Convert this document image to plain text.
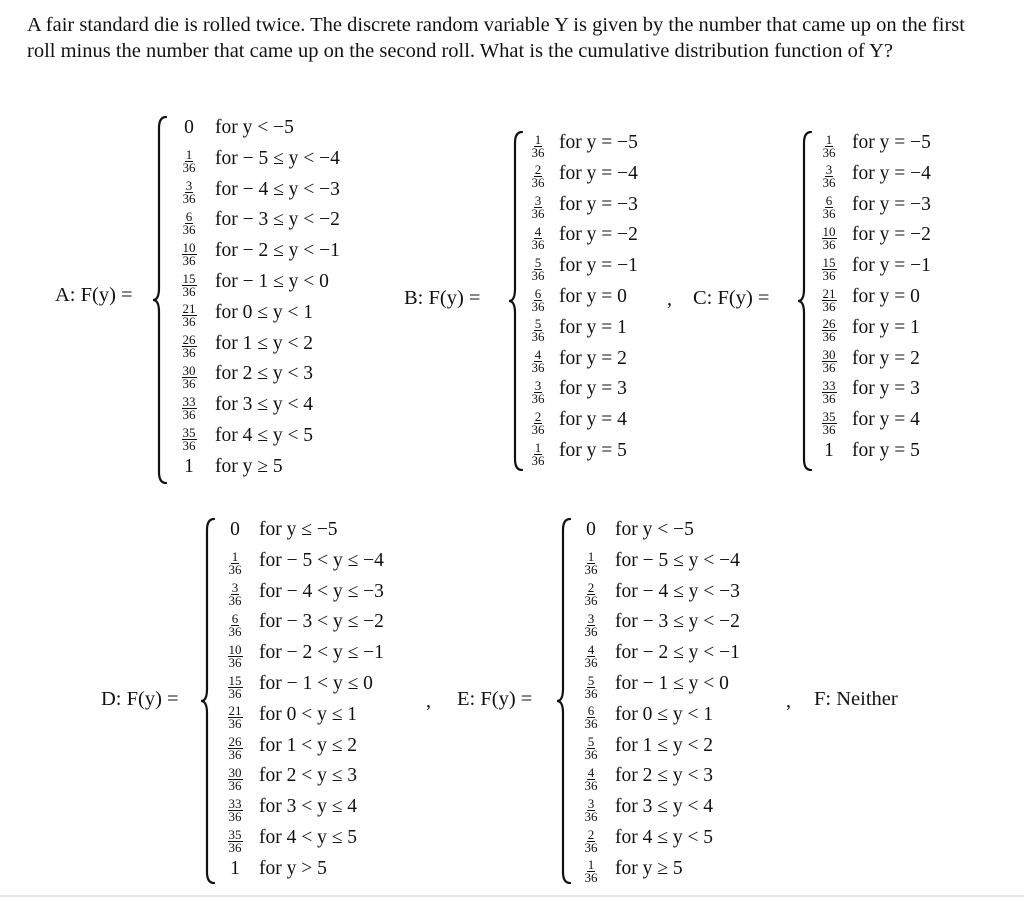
A fair standard die is rolled twice. The discrete random variable Y is given by the number that came up on the first roll minus the number that came up on the second roll. What is the cumulative distribution function of Y?
A: F(y) =
0	for y < −5
$\frac{1}{36}$ for − 5 ≤ y < −4
$\frac{3}{36}$ for − 4 ≤ y < −3
$\frac{6}{36}$ for − 3 ≤ y < −2
$\frac{10}{36}$ for − 2 ≤ y < −1
$\frac{15}{36}$ for − 1 ≤ y < 0
$\frac{21}{36}$ for 0 ≤ y < 1
$\frac{26}{36}$ for 1 ≤ y < 2
$\frac{30}{36}$ for 2 ≤ y < 3
$\frac{33}{36}$ for 3 ≤ y < 4
$\frac{35}{36}$ for 4 ≤ y < 5
1	for y ≥ 5
B: F(y) =
$\frac{1}{36}$ for y = −5
$\frac{2}{36}$ for y = −4
$\frac{3}{36}$ for y = −3
$\frac{4}{36}$ for y = −2
$\frac{5}{36}$ for y = −1
$\frac{6}{36}$ for y = 0
$\frac{5}{36}$ for y = 1
$\frac{4}{36}$ for y = 2
$\frac{3}{36}$ for y = 3
$\frac{2}{36}$ for y = 4
$\frac{1}{36}$ for y = 5
, C: F(y) =
$\frac{1}{36}$ for y = −5
$\frac{3}{36}$ for y = −4
$\frac{6}{36}$ for y = −3
$\frac{10}{36}$ for y = −2
$\frac{15}{36}$ for y = −1
$\frac{21}{36}$ for y = 0
$\frac{26}{36}$ for y = 1
$\frac{30}{36}$ for y = 2
$\frac{33}{36}$ for y = 3
$\frac{35}{36}$ for y = 4
1 for y = 5
D: F(y) =
0 for y ≤ −5
$\frac{1}{36}$ for − 5 < y ≤ −4
$\frac{3}{36}$ for − 4 < y ≤ −3
$\frac{6}{36}$ for − 3 < y ≤ −2
$\frac{10}{36}$ for − 2 < y ≤ −1
$\frac{15}{36}$ for − 1 < y ≤ 0
$\frac{21}{36}$ for 0 < y ≤ 1
$\frac{26}{36}$ for 1 < y ≤ 2
$\frac{30}{36}$ for 2 < y ≤ 3
$\frac{33}{36}$ for 3 < y ≤ 4
$\frac{35}{36}$ for 4 < y ≤ 5
1 for y > 5
, E: F(y) =
0 for y < −5
$\frac{1}{36}$ for − 5 ≤ y < −4
$\frac{2}{36}$ for − 4 ≤ y < −3
$\frac{3}{36}$ for − 3 ≤ y < −2
$\frac{4}{36}$ for − 2 ≤ y < −1
$\frac{5}{36}$ for − 1 ≤ y < 0
$\frac{6}{36}$ for 0 ≤ y < 1
$\frac{5}{36}$ for 1 ≤ y < 2
$\frac{4}{36}$ for 2 ≤ y < 3
$\frac{3}{36}$ for 3 ≤ y < 4
$\frac{2}{36}$ for 4 ≤ y < 5
$\frac{1}{36}$ for y ≥ 5
, F: Neither
